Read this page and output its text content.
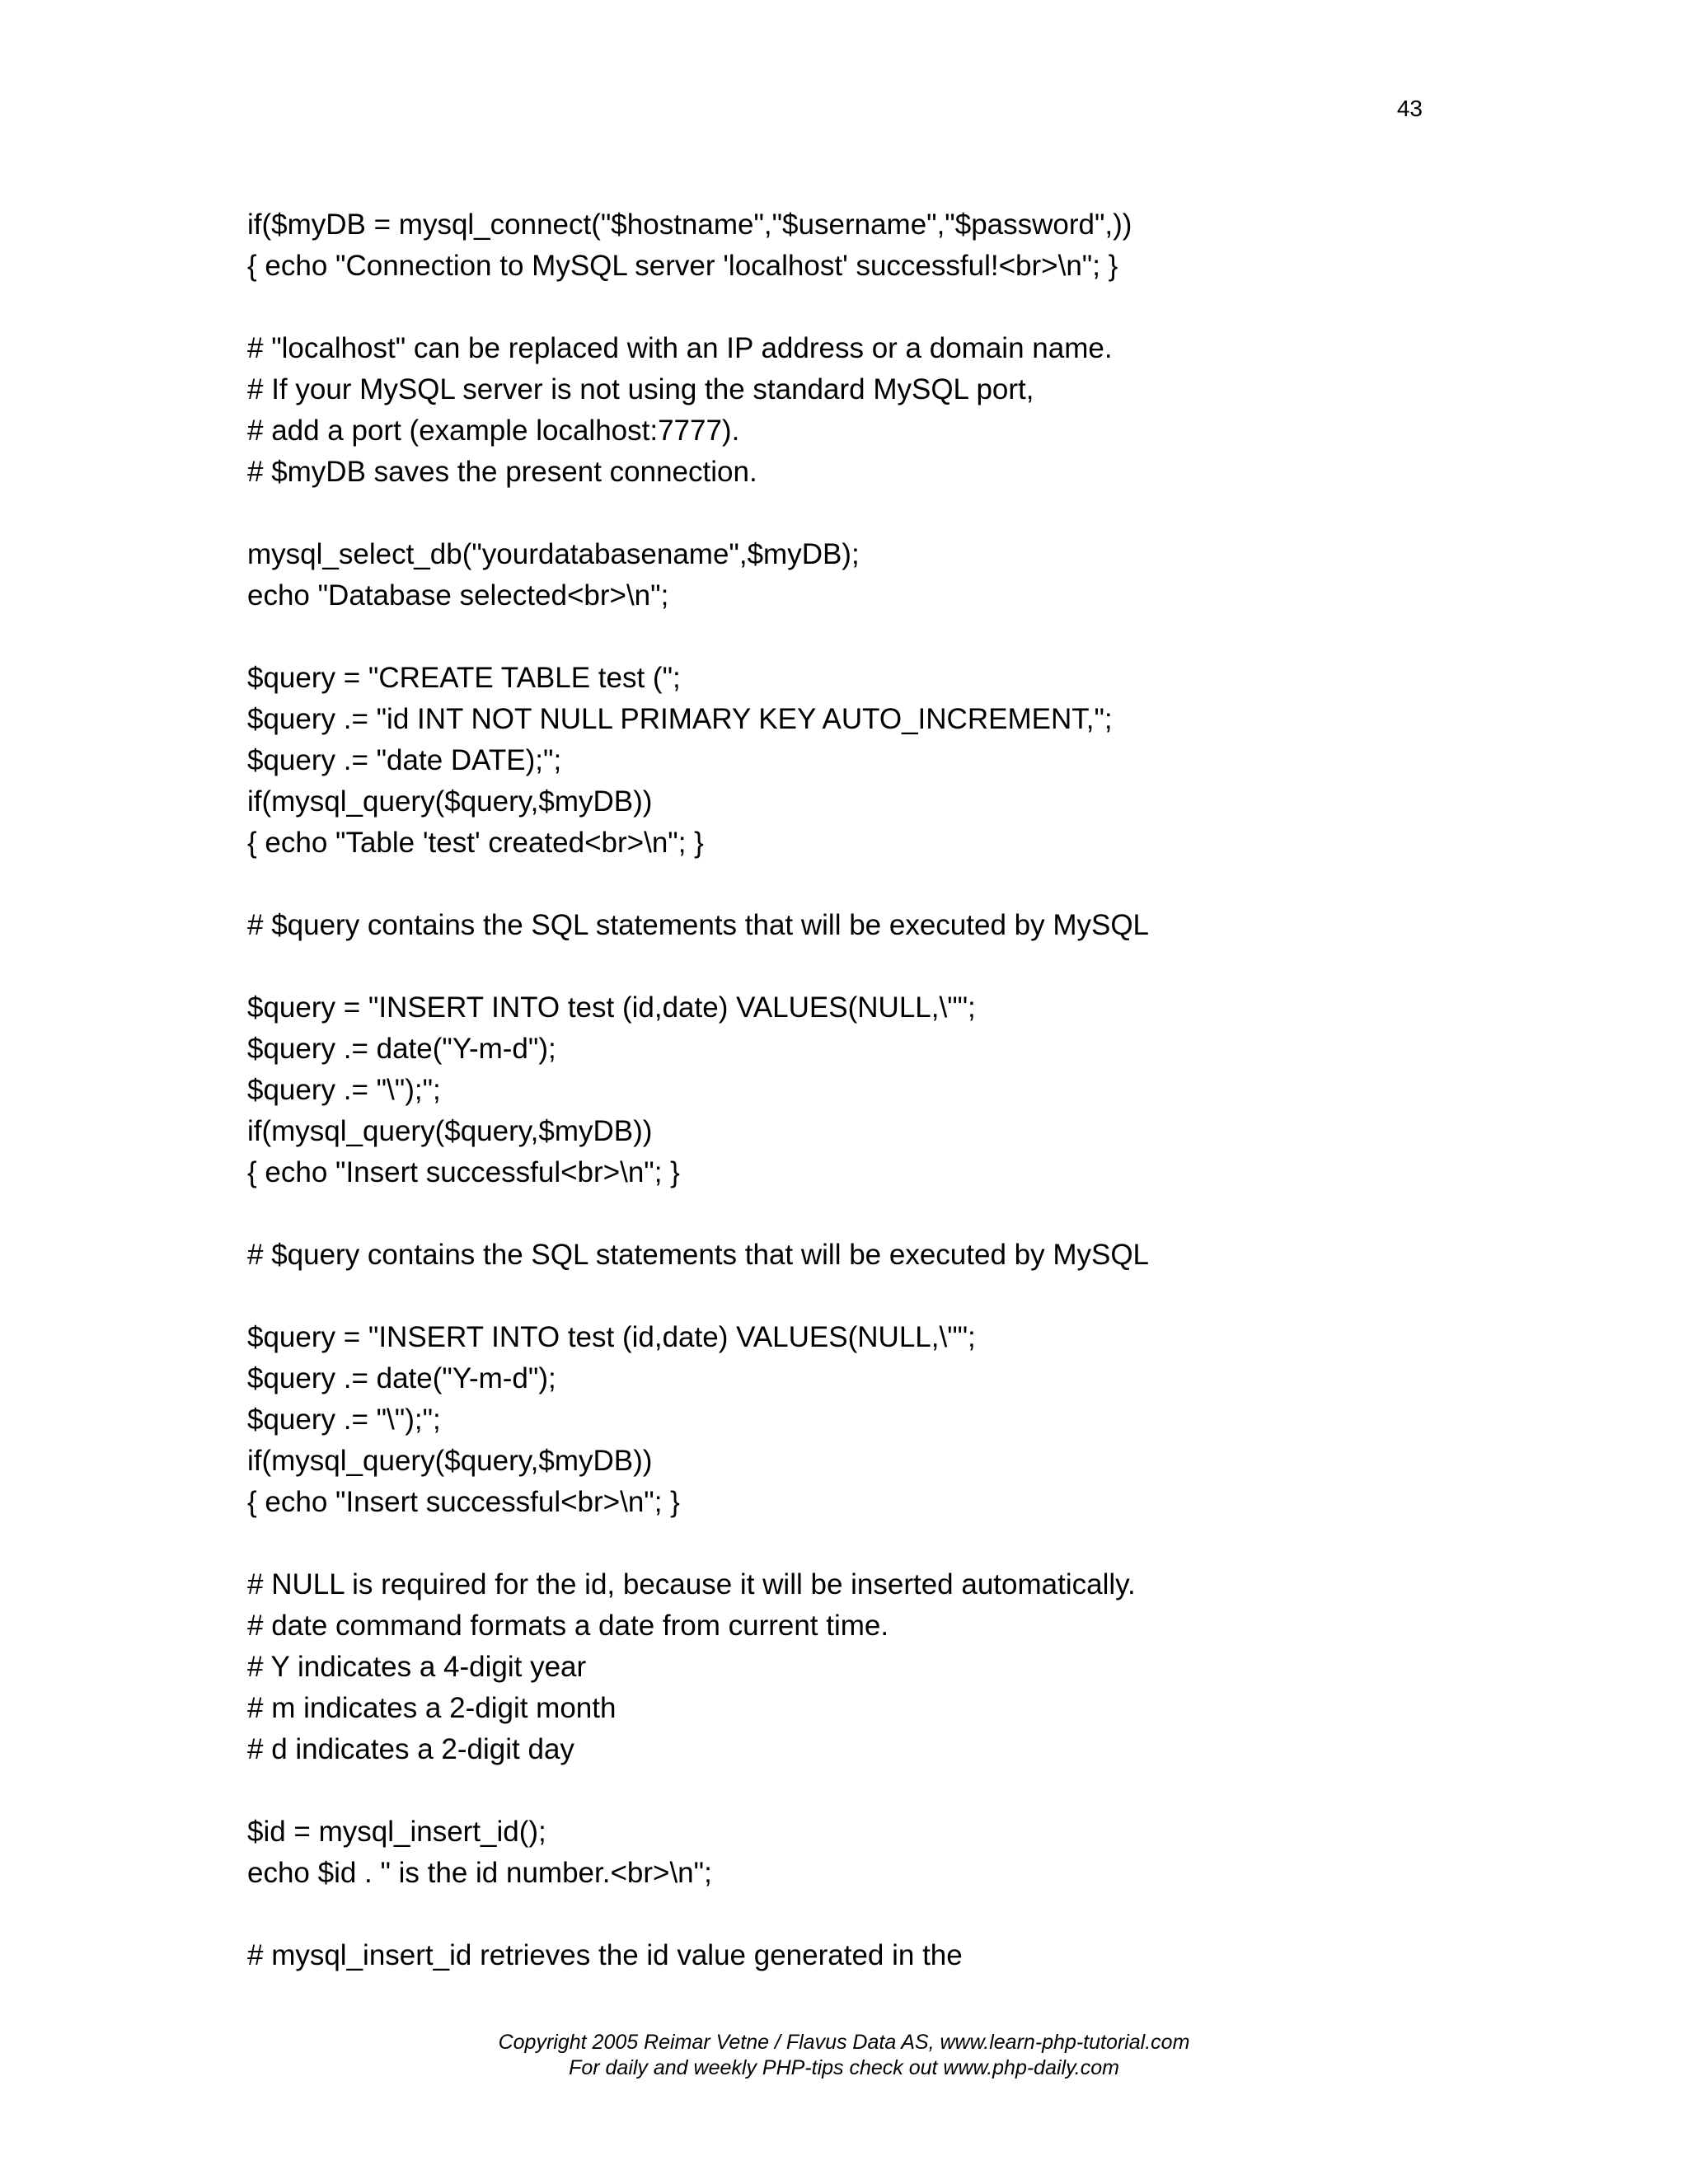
43
if($myDB = mysql_connect("$hostname","$username","$password",))
{ echo "Connection to MySQL server 'localhost' successful!<br>\n"; }
# "localhost" can be replaced with an IP address or a domain name.
# If your MySQL server is not using the standard MySQL port,
# add a port (example localhost:7777).
# $myDB saves the present connection.
mysql_select_db("yourdatabasename",$myDB);
echo "Database selected<br>\n";
$query = "CREATE TABLE test (";
$query .= "id INT NOT NULL PRIMARY KEY AUTO_INCREMENT,";
$query .= "date DATE);";
if(mysql_query($query,$myDB))
{ echo "Table 'test' created<br>\n"; }
# $query contains the SQL statements that will be executed by MySQL
$query = "INSERT INTO test (id,date) VALUES(NULL,\"";
$query .= date("Y-m-d");
$query .= "\");";
if(mysql_query($query,$myDB))
{ echo "Insert successful<br>\n"; }
# $query contains the SQL statements that will be executed by MySQL
$query = "INSERT INTO test (id,date) VALUES(NULL,\"";
$query .= date("Y-m-d");
$query .= "\");";
if(mysql_query($query,$myDB))
{ echo "Insert successful<br>\n"; }
# NULL is required for the id, because it will be inserted automatically.
# date command formats a date from current time.
# Y indicates a 4-digit year
# m indicates a 2-digit month
# d indicates a 2-digit day
$id = mysql_insert_id();
echo $id . " is the id number.<br>\n";
# mysql_insert_id retrieves the id value generated in the
Copyright 2005 Reimar Vetne / Flavus Data AS, www.learn-php-tutorial.com
For daily and weekly PHP-tips check out www.php-daily.com
